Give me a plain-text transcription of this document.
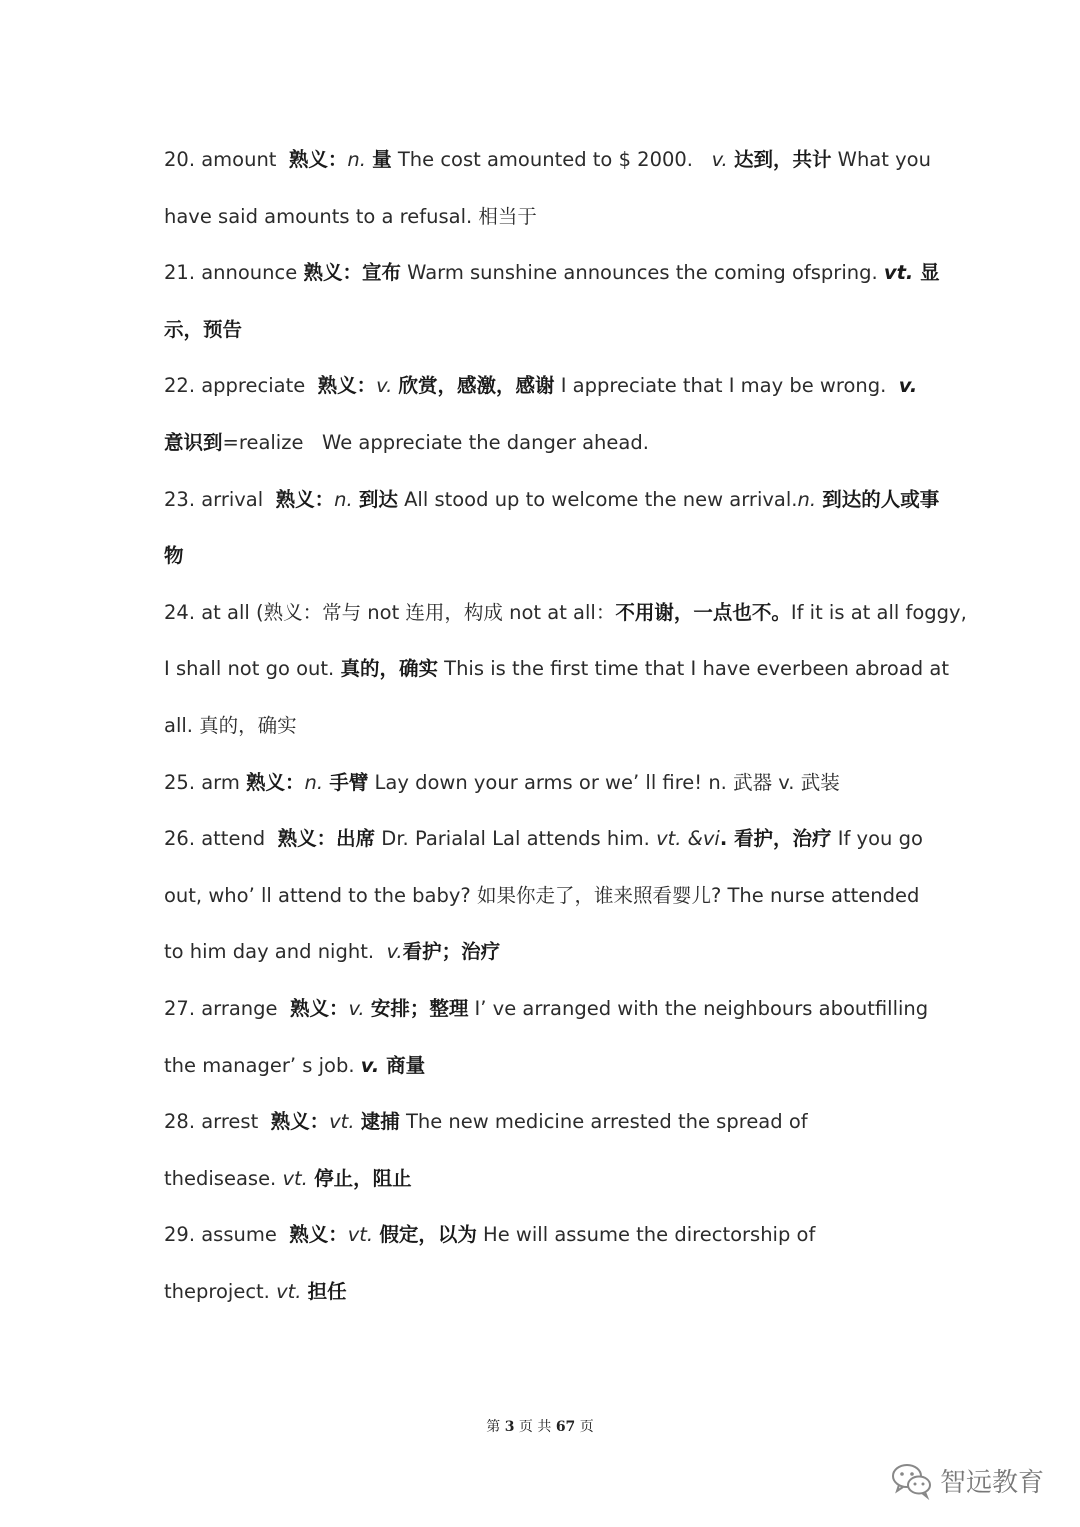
20. amount  熟义：n. 量 The cost amounted to $ 2000.   v. 达到，共计 What you
have said amounts to a refusal. 相当于
21. announce 熟义：宣布 Warm sunshine announces the coming ofspring. vt. 显
示，预告
22. appreciate  熟义：v. 欣赏，感激，感谢 I appreciate that I may be wrong.  v.
意识到=realize   We appreciate the danger ahead.
23. arrival  熟义：n. 到达 All stood up to welcome the new arrival.n. 到达的人或事
物
24. at all (熟义：常与 not 连用，构成 not at all：不用谢，一点也不。If it is at all foggy,
I shall not go out. 真的，确实 This is the first time that I have everbeen abroad at
all. 真的，确实
25. arm 熟义：n. 手臂 Lay down your arms or we’ ll fire! n. 武器 v. 武装
26. attend  熟义：出席 Dr. Parialal Lal attends him. vt. &vi. 看护，治疗 If you go
out, who’ ll attend to the baby? 如果你走了，谁来照看婴儿? The nurse attended
to him day and night.  v.看护；治疗
27. arrange  熟义：v. 安排；整理 I’ ve arranged with the neighbours aboutfilling
the manager’ s job. v. 商量
28. arrest  熟义：vt. 逮捕 The new medicine arrested the spread of
thedisease. vt. 停止，阻止
29. assume  熟义：vt. 假定，以为 He will assume the directorship of
theproject. vt. 担任
第 3 页 共 67 页
智远教育
